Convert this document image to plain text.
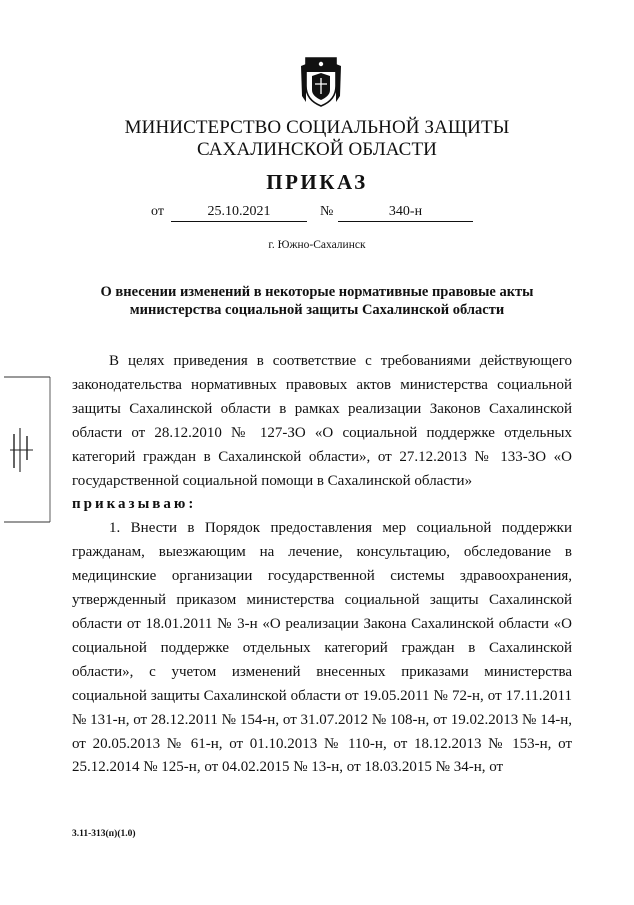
МИНИСТЕРСТВО СОЦИАЛЬНОЙ ЗАЩИТЫ
САХАЛИНСКОЙ ОБЛАСТИ
ПРИКАЗ
от	25.10.2021	№	340-н
г. Южно-Сахалинск
О внесении изменений в некоторые нормативные правовые акты
министерства социальной защиты Сахалинской области

В целях приведения в соответствие с требованиями действующего законодательства нормативных правовых актов министерства социальной защиты Сахалинской области в рамках реализации Законов Сахалинской области от 28.12.2010 № 127-ЗО «О социальной поддержке отдельных категорий граждан в Сахалинской области», от 27.12.2013 № 133-ЗО «О государственной социальной помощи в Сахалинской области»

приказываю:

1. Внести в Порядок предоставления мер социальной поддержки гражданам, выезжающим на лечение, консультацию, обследование в медицинские организации государственной системы здравоохранения, утвержденный приказом министерства социальной защиты Сахалинской области от 18.01.2011 № 3-н «О реализации Закона Сахалинской области «О социальной поддержке отдельных категорий граждан в Сахалинской области», с учетом изменений внесенных приказами министерства социальной защиты Сахалинской области от 19.05.2011 № 72-н, от 17.11.2011 № 131-н, от 28.12.2011 № 154-н, от 31.07.2012 № 108-н, от 19.02.2013 № 14-н, от 20.05.2013 № 61-н, от 01.10.2013 № 110-н, от 18.12.2013 № 153-н, от 25.12.2014 № 125-н, от 04.02.2015 № 13-н, от 18.03.2015 № 34-н, от

3.11-313(п)(1.0)
